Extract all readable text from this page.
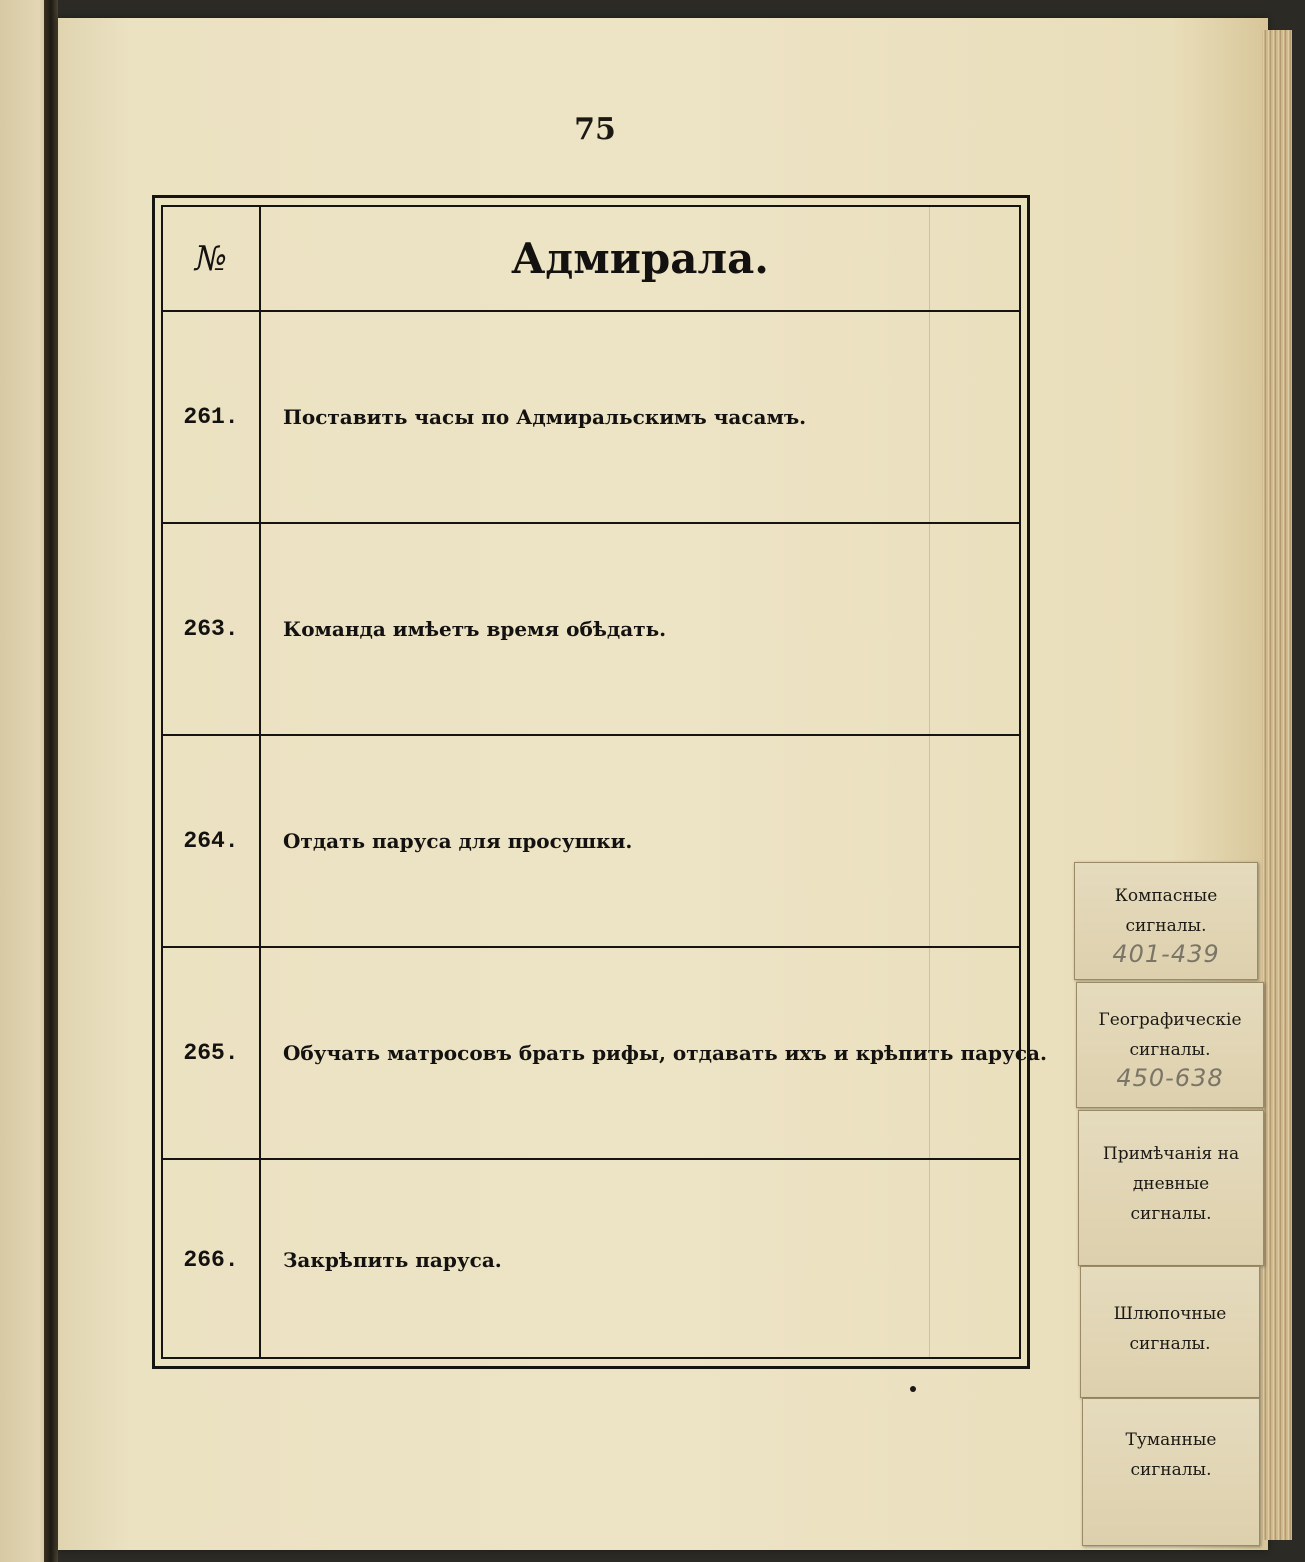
75
№	Адмирала.
261.	Поставить часы по Адмиральскимъ часамъ.
263.	Команда имѣетъ время обѣдать.
264.	Отдать паруса для просушки.
265.	Обучать матросовъ брать рифы, отдавать ихъ и крѣпить паруса.
266.	Закрѣпить паруса.
Компасные
сигналы.
401-439
Географическiе
сигналы.
450-638
Примѣчанiя на
дневные
сигналы.
Шлюпочные
сигналы.
Туманные
сигналы.
